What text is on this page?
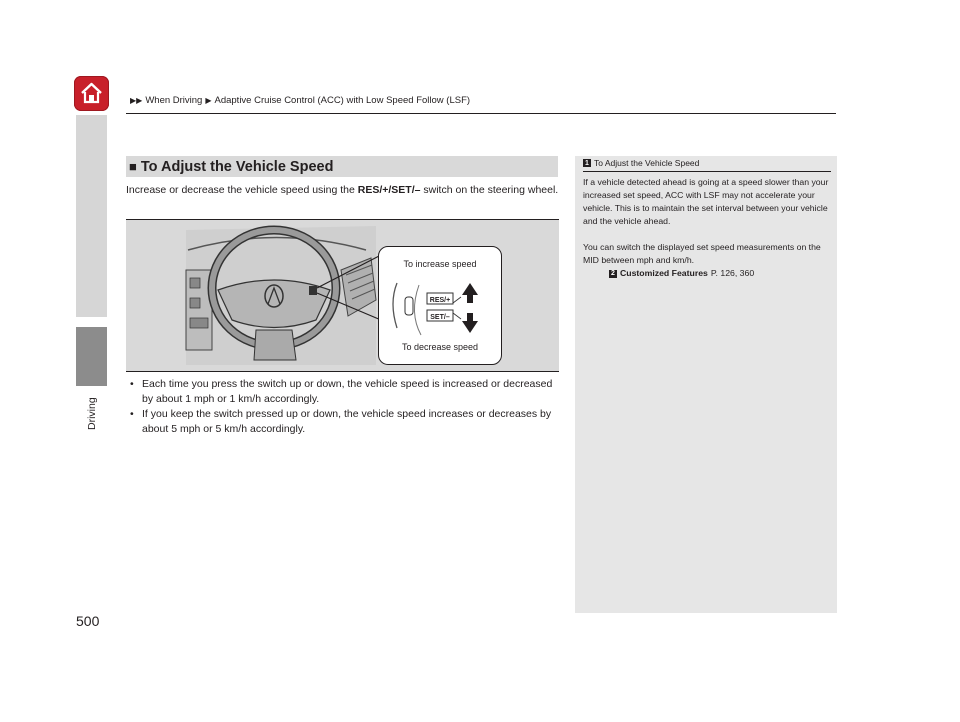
▶▶ When Driving ▶ Adaptive Cruise Control (ACC) with Low Speed Follow (LSF)
Driving
500
■ To Adjust the Vehicle Speed
Increase or decrease the vehicle speed using the RES/+/SET/– switch on the steering wheel.
To increase speed
RES/+
SET/–
To decrease speed
• Each time you press the switch up or down, the vehicle speed is increased or decreased by about 1 mph or 1 km/h accordingly.
• If you keep the switch pressed up or down, the vehicle speed increases or decreases by about 5 mph or 5 km/h accordingly.
1 To Adjust the Vehicle Speed

If a vehicle detected ahead is going at a speed slower than your increased set speed, ACC with LSF may not accelerate your vehicle. This is to maintain the set interval between your vehicle and the vehicle ahead.

You can switch the displayed set speed measurements on the MID between mph and km/h.

2 Customized Features P. 126, 360
